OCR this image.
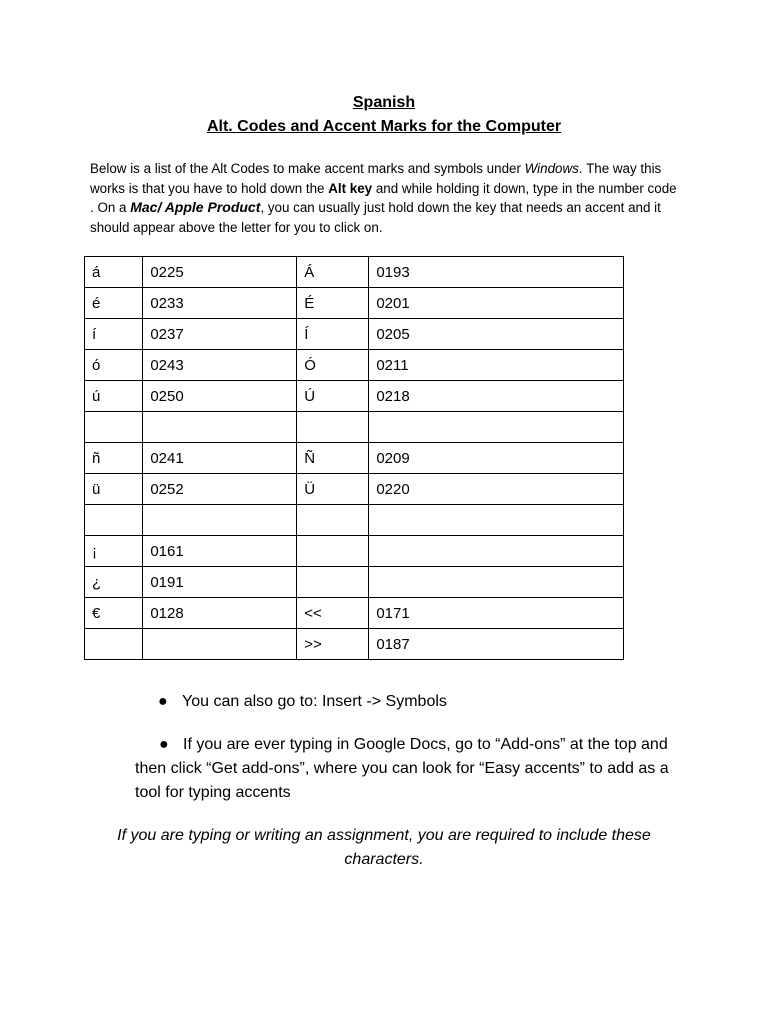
Spanish
Alt. Codes and Accent Marks for the Computer
Below is a list of the Alt Codes to make accent marks and symbols under Windows. The way this works is that you have to hold down the Alt key and while holding it down, type in the number code . On a Mac/ Apple Product, you can usually just hold down the key that needs an accent and it should appear above the letter for you to click on.
á	0225	Á	0193
é	0233	É	0201
í	0237	Í	0205
ó	0243	Ó	0211
ú	0250	Ú	0218

ñ	0241	Ñ	0209
ü	0252	Ü	0220

¡	0161		
¿	0191		
€	0128	<<	0171
		>>	0187
● You can also go to: Insert -> Symbols
● If you are ever typing in Google Docs, go to “Add-ons” at the top and then click “Get add-ons”, where you can look for “Easy accents” to add as a tool for typing accents
If you are typing or writing an assignment, you are required to include these characters.
